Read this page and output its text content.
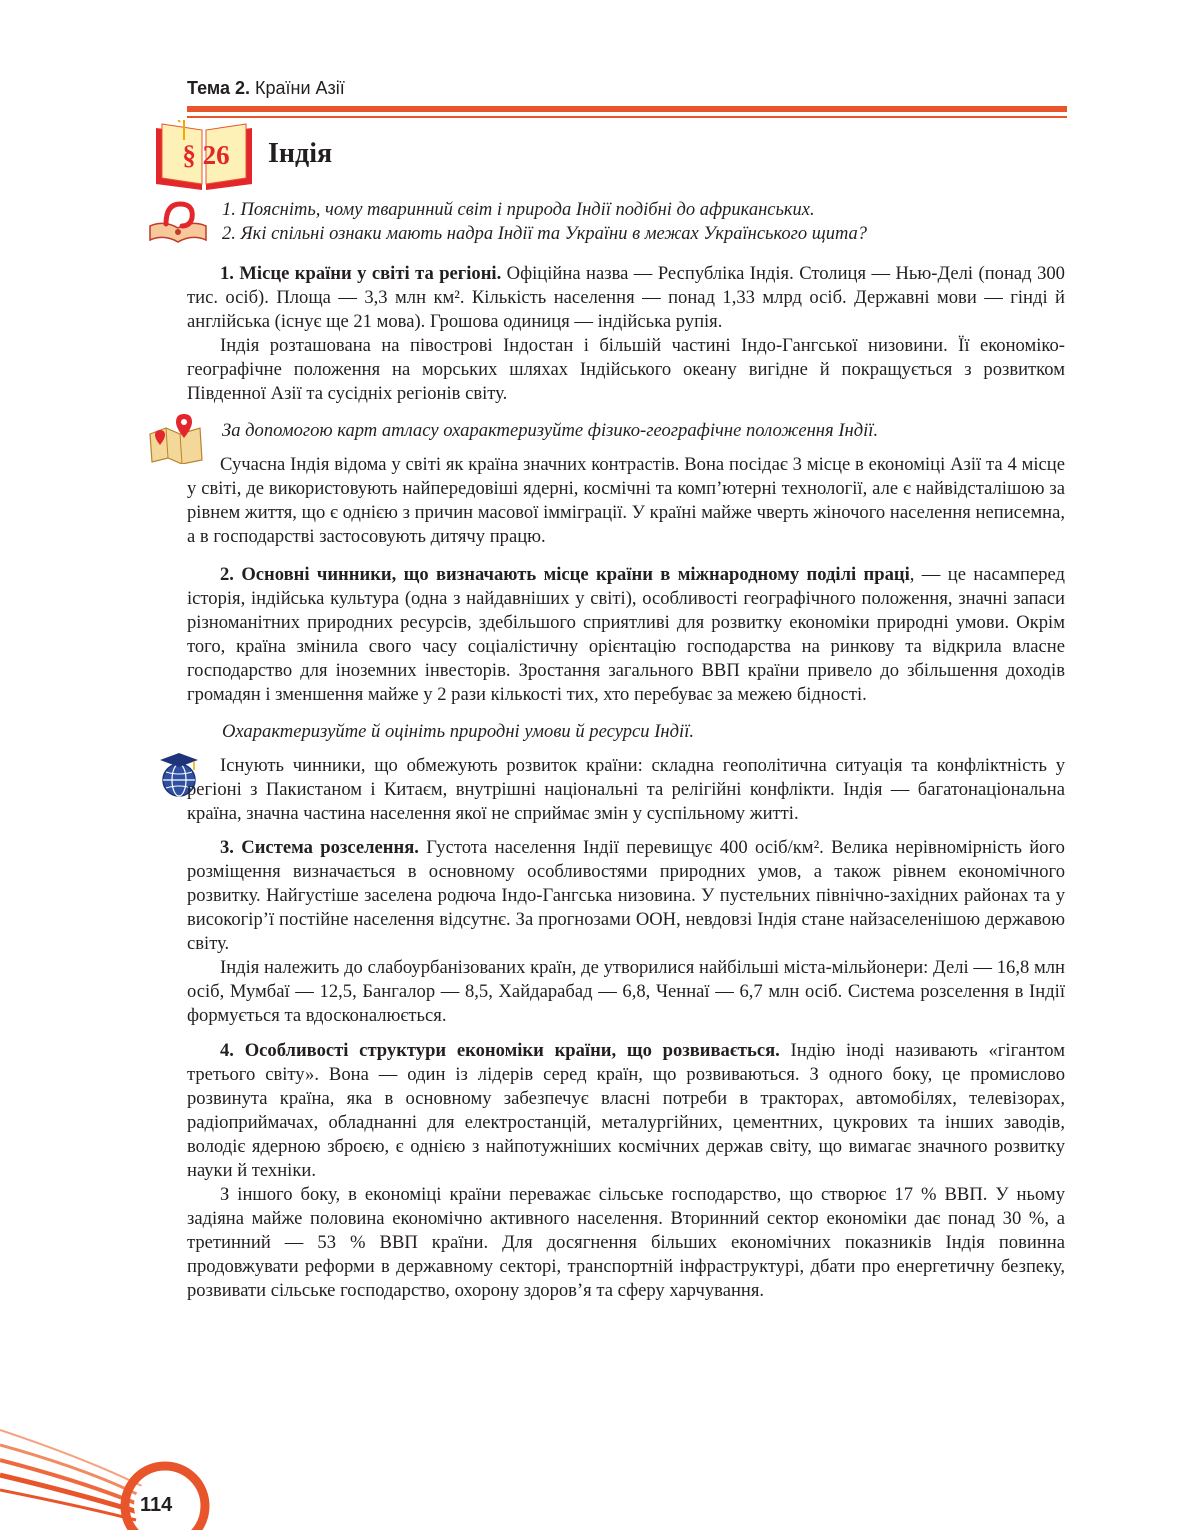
Тема 2. Країни Азії
§ 26	Індія
1. Поясніть, чому тваринний світ і природа Індії подібні до африканських.
2. Які спільні ознаки мають надра Індії та України в межах Українського щита?

1. Місце країни у світі та регіоні. Офіційна назва — Республіка Індія. Столиця — Нью-Делі (понад 300 тис. осіб). Площа — 3,3 млн км². Кількість населення — понад 1,33 млрд осіб. Державні мови — гінді й англійська (існує ще 21 мова). Грошова одиниця — індійська рупія.

Індія розташована на півострові Індостан і більшій частині Індо-Гангської низовини. Її економіко-географічне положення на морських шляхах Індійського океану вигідне й покращується з розвитком Південної Азії та сусідніх регіонів світу.

За допомогою карт атласу охарактеризуйте фізико-географічне положення Індії.

Сучасна Індія відома у світі як країна значних контрастів. Вона посідає 3 місце в економіці Азії та 4 місце у світі, де використовують найпередовіші ядерні, космічні та комп’ютерні технології, але є найвідсталішою за рівнем життя, що є однією з причин масової імміграції. У країні майже чверть жіночого населення неписемна, а в господарстві застосовують дитячу працю.

2. Основні чинники, що визначають місце країни в міжнародному поділі праці, — це насамперед історія, індійська культура (одна з найдавніших у світі), особливості географічного положення, значні запаси різноманітних природних ресурсів, здебільшого сприятливі для розвитку економіки природні умови. Окрім того, країна змінила свого часу соціалістичну орієнтацію господарства на ринкову та відкрила власне господарство для іноземних інвесторів. Зростання загального ВВП країни привело до збільшення доходів громадян і зменшення майже у 2 рази кількості тих, хто перебуває за межею бідності.

Охарактеризуйте й оцініть природні умови й ресурси Індії.

Існують чинники, що обмежують розвиток країни: складна геополітична ситуація та конфліктність у регіоні з Пакистаном і Китаєм, внутрішні національні та релігійні конфлікти. Індія — багатонаціональна країна, значна частина населення якої не сприймає змін у суспільному житті.

3. Система розселення. Густота населення Індії перевищує 400 осіб/км². Велика нерівномірність його розміщення визначається в основному особливостями природних умов, а також рівнем економічного розвитку. Найгустіше заселена родюча Індо-Гангська низовина. У пустельних північно-західних районах та у високогір’ї постійне населення відсутнє. За прогнозами ООН, невдовзі Індія стане найзаселенішою державою світу.

Індія належить до слабоурбанізованих країн, де утворилися найбільші міста-мільйонери: Делі — 16,8 млн осіб, Мумбаї — 12,5, Бангалор — 8,5, Хайдарабад — 6,8, Ченнаї — 6,7 млн осіб. Система розселення в Індії формується та вдосконалюється.

4. Особливості структури економіки країни, що розвивається. Індію іноді називають «гігантом третього світу». Вона — один із лідерів серед країн, що розвиваються. З одного боку, це промислово розвинута країна, яка в основному забезпечує власні потреби в тракторах, автомобілях, телевізорах, радіоприймачах, обладнанні для електростанцій, металургійних, цементних, цукрових та інших заводів, володіє ядерною зброєю, є однією з найпотужніших космічних держав світу, що вимагає значного розвитку науки й техніки.

З іншого боку, в економіці країни переважає сільське господарство, що створює 17 % ВВП. У ньому задіяна майже половина економічно активного населення. Вторинний сектор економіки дає понад 30 %, а третинний — 53 % ВВП країни. Для досягнення більших економічних показників Індія повинна продовжувати реформи в державному секторі, транспортній інфраструктурі, дбати про енергетичну безпеку, розвивати сільське господарство, охорону здоров’я та сферу харчування.

114
